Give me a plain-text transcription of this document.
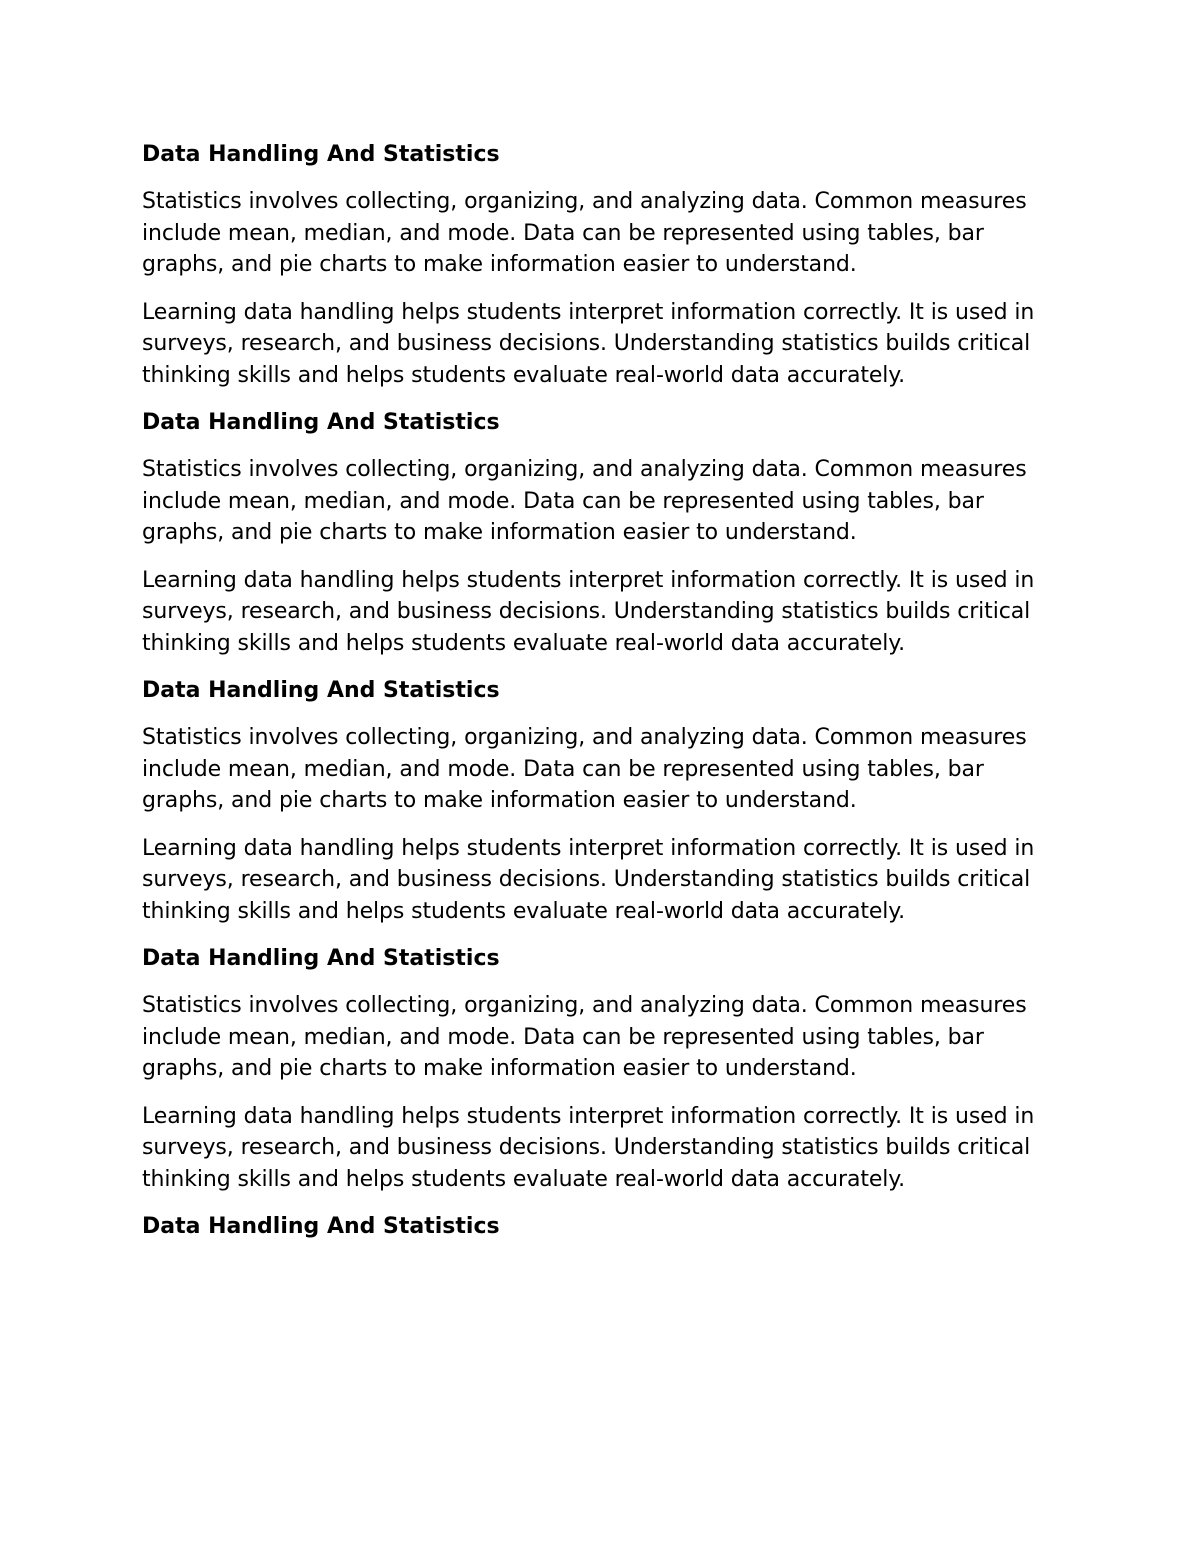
Data Handling And Statistics

Statistics involves collecting, organizing, and analyzing data. Common measures include mean, median, and mode. Data can be represented using tables, bar graphs, and pie charts to make information easier to understand.

Learning data handling helps students interpret information correctly. It is used in surveys, research, and business decisions. Understanding statistics builds critical thinking skills and helps students evaluate real-world data accurately.

Data Handling And Statistics

Statistics involves collecting, organizing, and analyzing data. Common measures include mean, median, and mode. Data can be represented using tables, bar graphs, and pie charts to make information easier to understand.

Learning data handling helps students interpret information correctly. It is used in surveys, research, and business decisions. Understanding statistics builds critical thinking skills and helps students evaluate real-world data accurately.

Data Handling And Statistics

Statistics involves collecting, organizing, and analyzing data. Common measures include mean, median, and mode. Data can be represented using tables, bar graphs, and pie charts to make information easier to understand.

Learning data handling helps students interpret information correctly. It is used in surveys, research, and business decisions. Understanding statistics builds critical thinking skills and helps students evaluate real-world data accurately.

Data Handling And Statistics

Statistics involves collecting, organizing, and analyzing data. Common measures include mean, median, and mode. Data can be represented using tables, bar graphs, and pie charts to make information easier to understand.

Learning data handling helps students interpret information correctly. It is used in surveys, research, and business decisions. Understanding statistics builds critical thinking skills and helps students evaluate real-world data accurately.

Data Handling And Statistics
